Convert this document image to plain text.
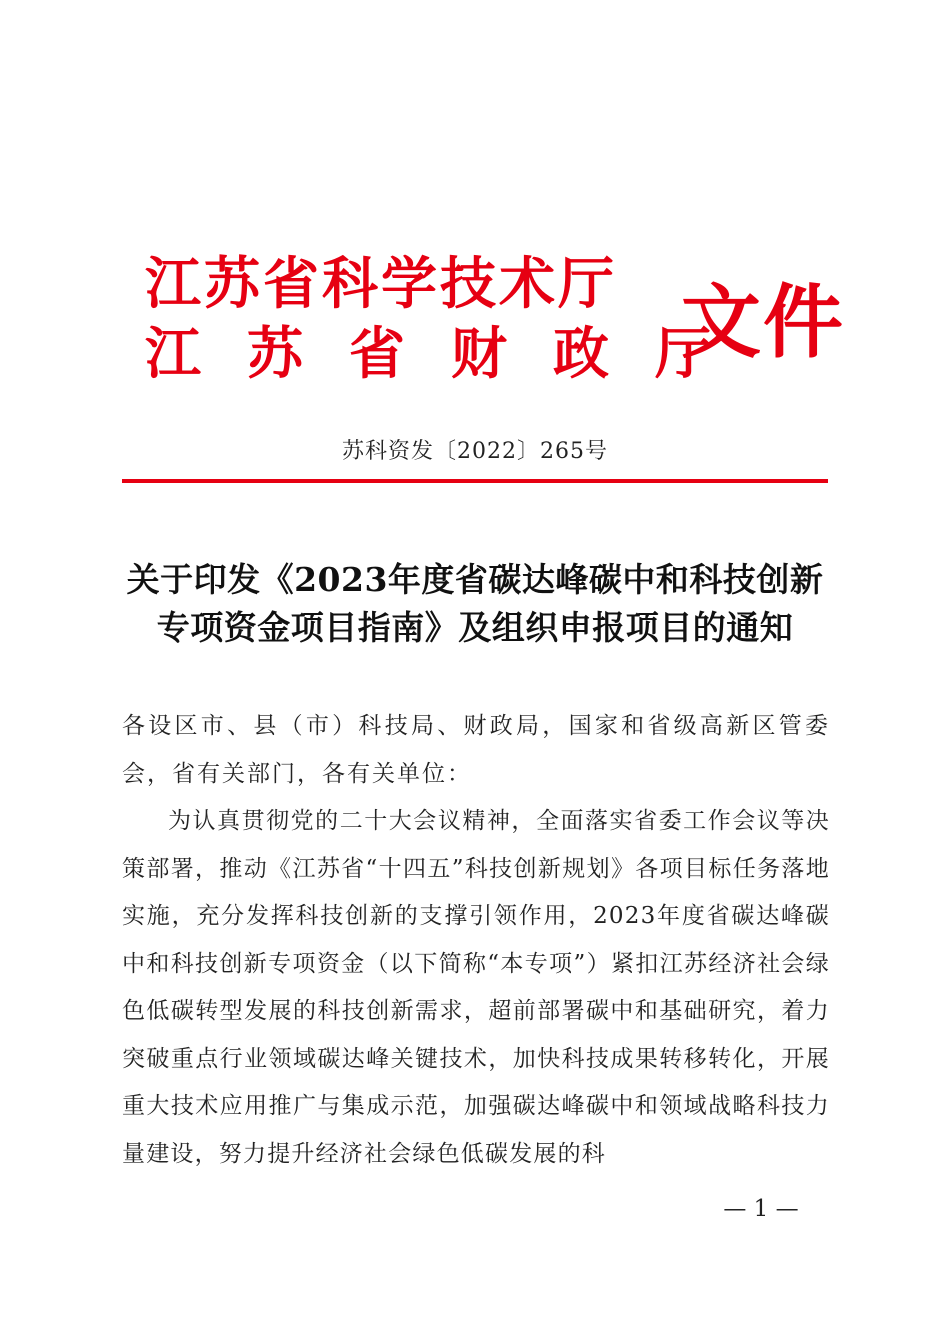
江苏省科学技术厅
江苏省财政厅
文件
苏科资发〔2022〕265号
关于印发《2023年度省碳达峰碳中和科技创新
专项资金项目指南》及组织申报项目的通知

各设区市、县（市）科技局、财政局，国家和省级高新区管委会，省有关部门，各有关单位：

为认真贯彻党的二十大会议精神，全面落实省委工作会议等决策部署，推动《江苏省“十四五”科技创新规划》各项目标任务落地实施，充分发挥科技创新的支撑引领作用，2023年度省碳达峰碳中和科技创新专项资金（以下简称“本专项”）紧扣江苏经济社会绿色低碳转型发展的科技创新需求，超前部署碳中和基础研究，着力突破重点行业领域碳达峰关键技术，加快科技成果转移转化，开展重大技术应用推广与集成示范，加强碳达峰碳中和领域战略科技力量建设，努力提升经济社会绿色低碳发展的科

— 1 —
